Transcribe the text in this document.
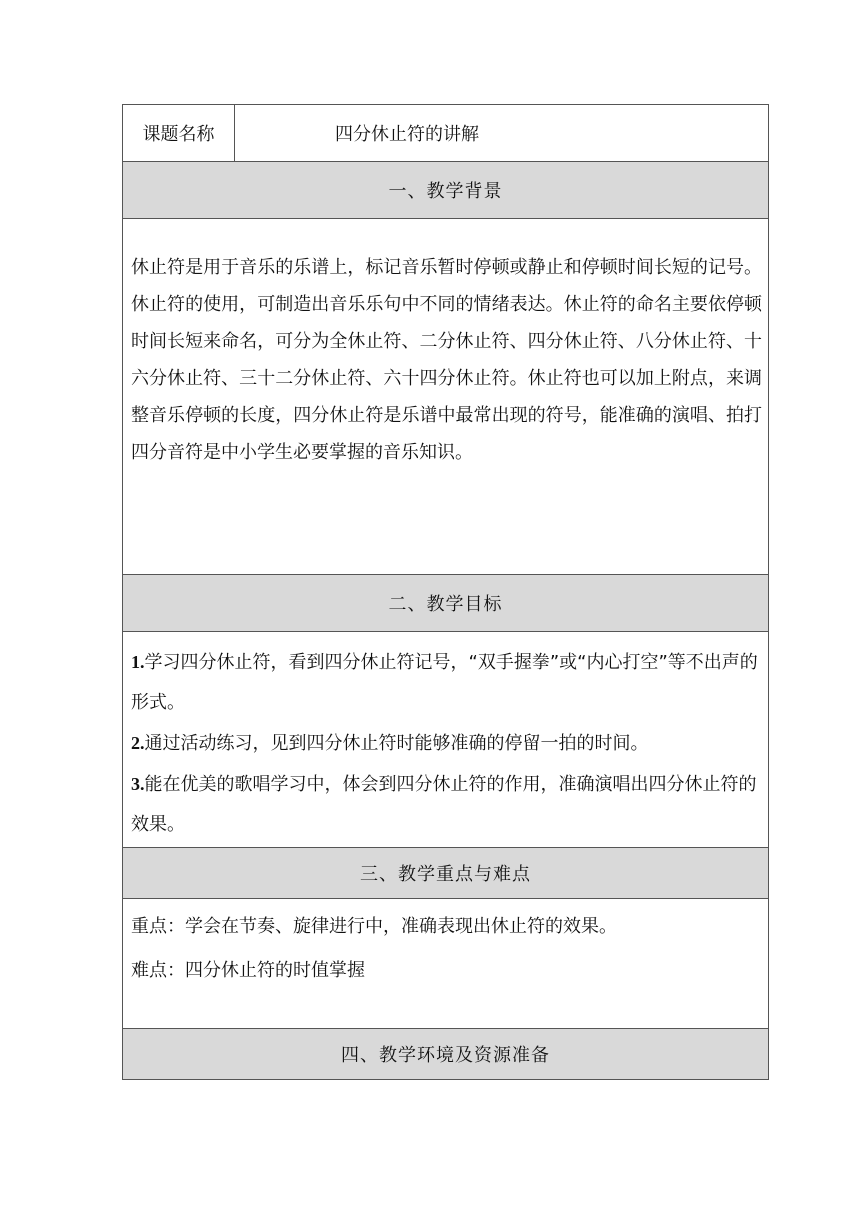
课题名称	四分休止符的讲解
一、教学背景

休止符是用于音乐的乐谱上，标记音乐暂时停顿或静止和停顿时间长短的记号。休止符的使用，可制造出音乐乐句中不同的情绪表达。休止符的命名主要依停顿时间长短来命名，可分为全休止符、二分休止符、四分休止符、八分休止符、十六分休止符、三十二分休止符、六十四分休止符。休止符也可以加上附点，来调整音乐停顿的长度，四分休止符是乐谱中最常出现的符号，能准确的演唱、拍打四分音符是中小学生必要掌握的音乐知识。

二、教学目标

1.学习四分休止符，看到四分休止符记号，“双手握拳”或“内心打空”等不出声的形式。

2.通过活动练习，见到四分休止符时能够准确的停留一拍的时间。

3.能在优美的歌唱学习中，体会到四分休止符的作用，准确演唱出四分休止符的效果。

三、教学重点与难点

重点：学会在节奏、旋律进行中，准确表现出休止符的效果。

难点：四分休止符的时值掌握

四、教学环境及资源准备
